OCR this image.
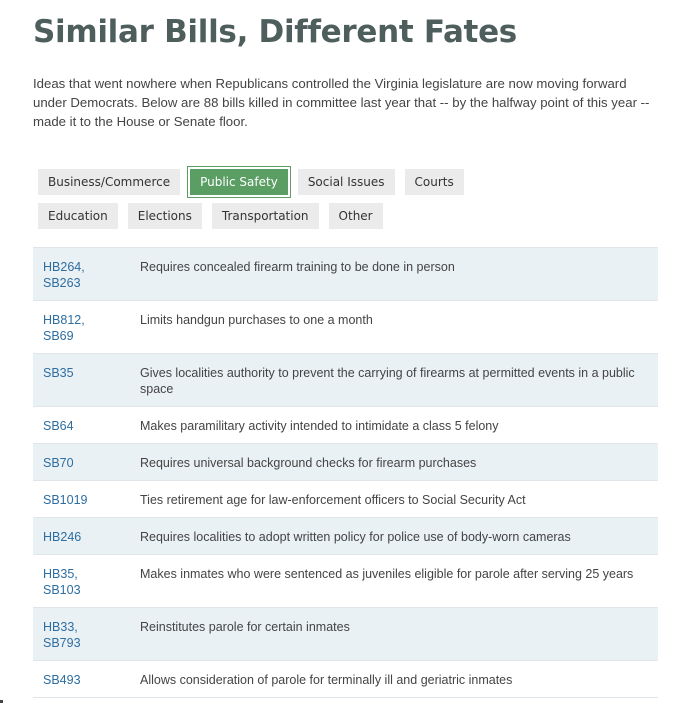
Similar Bills, Different Fates

Ideas that went nowhere when Republicans controlled the Virginia legislature are now moving forward under Democrats. Below are 88 bills killed in committee last year that -- by the halfway point of this year -- made it to the House or Senate floor.

Business/Commerce	Public Safety	Social Issues	Courts
Education	Elections	Transportation	Other
HB264,
SB263	Requires concealed firearm training to be done in person
HB812,
SB69	Limits handgun purchases to one a month
SB35	Gives localities authority to prevent the carrying of firearms at permitted events in a public space
SB64	Makes paramilitary activity intended to intimidate a class 5 felony
SB70	Requires universal background checks for firearm purchases
SB1019	Ties retirement age for law-enforcement officers to Social Security Act
HB246	Requires localities to adopt written policy for police use of body-worn cameras
HB35,
SB103	Makes inmates who were sentenced as juveniles eligible for parole after serving 25 years
HB33,
SB793	Reinstitutes parole for certain inmates
SB493	Allows consideration of parole for terminally ill and geriatric inmates
